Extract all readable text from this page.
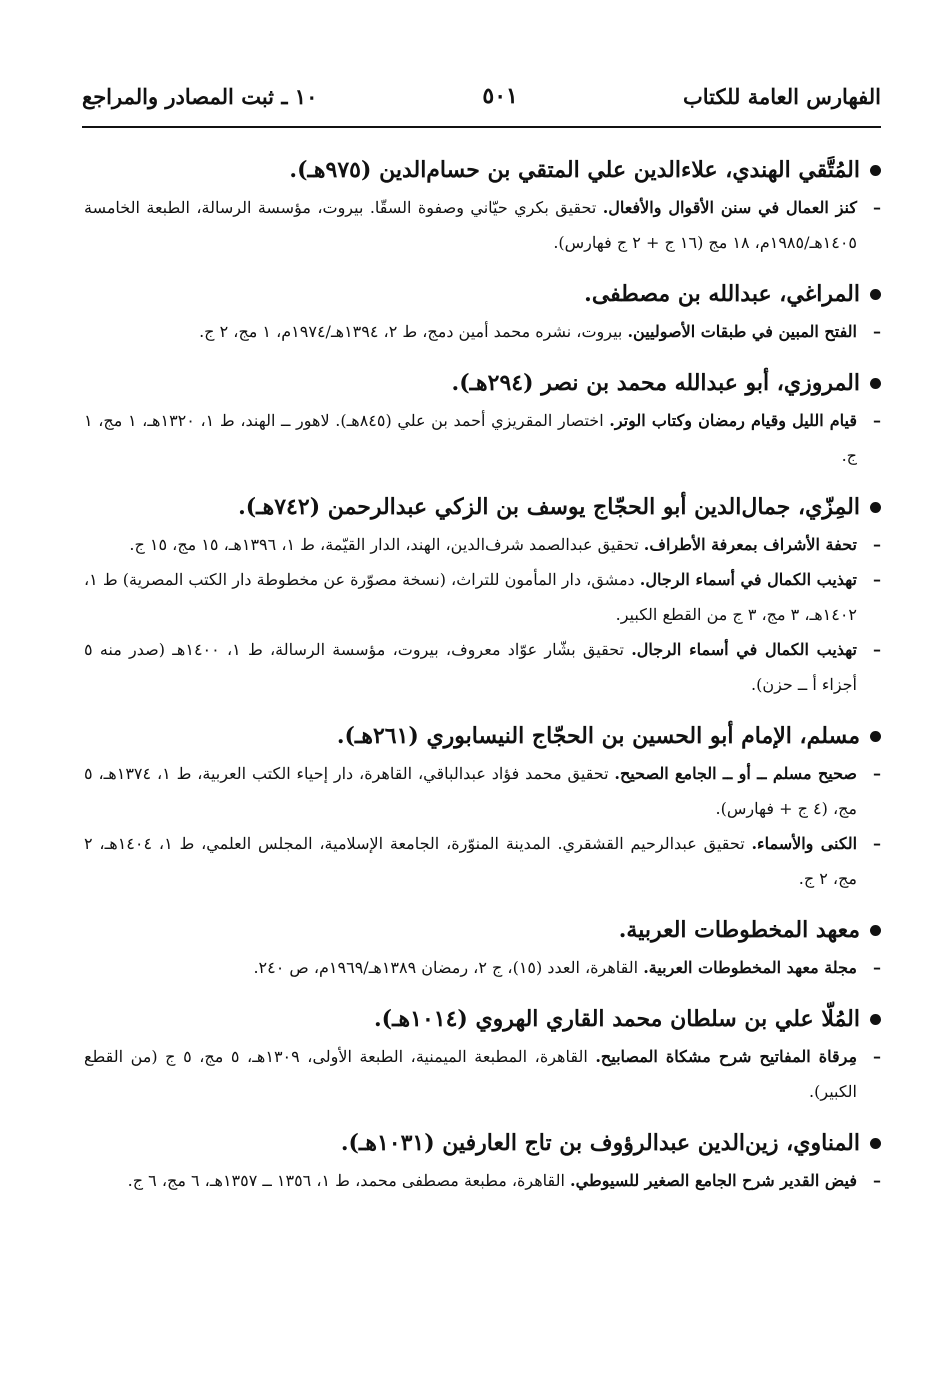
الفهارس العامة للكتاب
٥٠١
١٠ ـ ثبت المصادر والمراجع
المُتَّقي الهندي، علاءالدين علي المتقي بن حسام‌الدين (٩٧٥هـ).
–
كنز العمال في سنن الأقوال والأفعال. تحقيق بكري حيّاني وصفوة السقّا. بيروت، مؤسسة الرسالة، الطبعة الخامسة ١٤٠٥هـ/١٩٨٥م، ١٨ مج (١٦ ج + ٢ ج فهارس).
المراغي، عبدالله بن مصطفى.
–
الفتح المبين في طبقات الأصوليين. بيروت، نشره محمد أمين دمج، ط ٢، ١٣٩٤هـ/١٩٧٤م، ١ مج، ٢ ج.
المروزي، أبو عبدالله محمد بن نصر (٢٩٤هـ).
–
قيام الليل وقيام رمضان وكتاب الوتر. اختصار المقريزي أحمد بن علي (٨٤٥هـ). لاهور ــ الهند، ط ١، ١٣٢٠هـ، ١ مج، ١ ج.
المِزّي، جمال‌الدين أبو الحجّاج يوسف بن الزكي عبدالرحمن (٧٤٢هـ).
–
تحفة الأشراف بمعرفة الأطراف. تحقيق عبدالصمد شرف‌الدين، الهند، الدار القيّمة، ط ١، ١٣٩٦هـ، ١٥ مج، ١٥ ج.
–
تهذيب الكمال في أسماء الرجال. دمشق، دار المأمون للتراث، (نسخة مصوّرة عن مخطوطة دار الكتب المصرية) ط ١، ١٤٠٢هـ، ٣ مج، ٣ ج من القطع الكبير.
–
تهذيب الكمال في أسماء الرجال. تحقيق بشّار عوّاد معروف، بيروت، مؤسسة الرسالة، ط ١، ١٤٠٠هـ (صدر منه ٥ أجزاء أ ــ حزن).
مسلم، الإمام أبو الحسين بن الحجّاج النيسابوري (٢٦١هـ).
–
صحيح مسلم ــ أو ــ الجامع الصحيح. تحقيق محمد فؤاد عبدالباقي، القاهرة، دار إحياء الكتب العربية، ط ١، ١٣٧٤هـ، ٥ مج، (٤ ج + فهارس).
–
الكنى والأسماء. تحقيق عبدالرحيم القشقري. المدينة المنوّرة، الجامعة الإسلامية، المجلس العلمي، ط ١، ١٤٠٤هـ، ٢ مج، ٢ ج.
معهد المخطوطات العربية.
–
مجلة معهد المخطوطات العربية. القاهرة، العدد (١٥)، ج ٢، رمضان ١٣٨٩هـ/١٩٦٩م، ص ٢٤٠.
المُلّا علي بن سلطان محمد القاري الهروي (١٠١٤هـ).
–
مِرقاة المفاتيح شرح مشكاة المصابيح. القاهرة، المطبعة الميمنية، الطبعة الأولى، ١٣٠٩هـ، ٥ مج، ٥ ج (من القطع الكبير).
المناوي، زين‌الدين عبدالرؤوف بن تاج العارفين (١٠٣١هـ).
–
فيض القدير شرح الجامع الصغير للسيوطي. القاهرة، مطبعة مصطفى محمد، ط ١، ١٣٥٦ ــ ١٣٥٧هـ، ٦ مج، ٦ ج.
